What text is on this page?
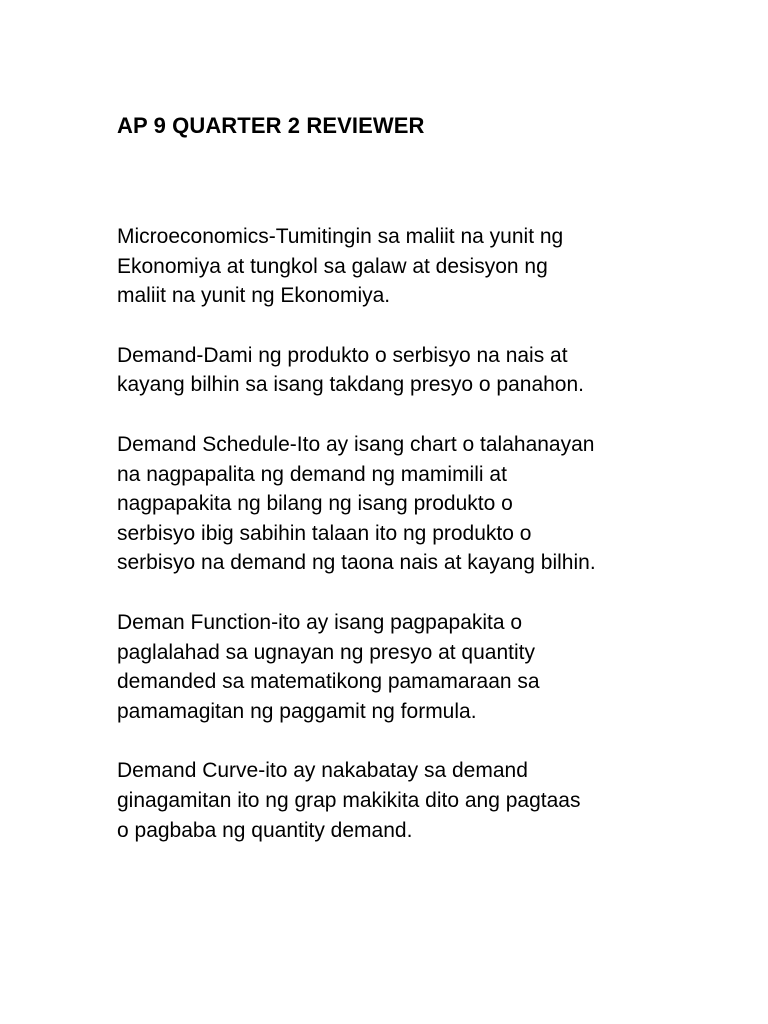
AP 9 QUARTER 2 REVIEWER

Microeconomics-Tumitingin sa maliit na yunit ng
Ekonomiya at tungkol sa galaw at desisyon ng
maliit na yunit ng Ekonomiya.

Demand-Dami ng produkto o serbisyo na nais at
kayang bilhin sa isang takdang presyo o panahon.

Demand Schedule-Ito ay isang chart o talahanayan
na nagpapalita ng demand ng mamimili at
nagpapakita ng bilang ng isang produkto o
serbisyo ibig sabihin talaan ito ng produkto o
serbisyo na demand ng taona nais at kayang bilhin.

Deman Function-ito ay isang pagpapakita o
paglalahad sa ugnayan ng presyo at quantity
demanded sa matematikong pamamaraan sa
pamamagitan ng paggamit ng formula.

Demand Curve-ito ay nakabatay sa demand
ginagamitan ito ng grap makikita dito ang pagtaas
o pagbaba ng quantity demand.
